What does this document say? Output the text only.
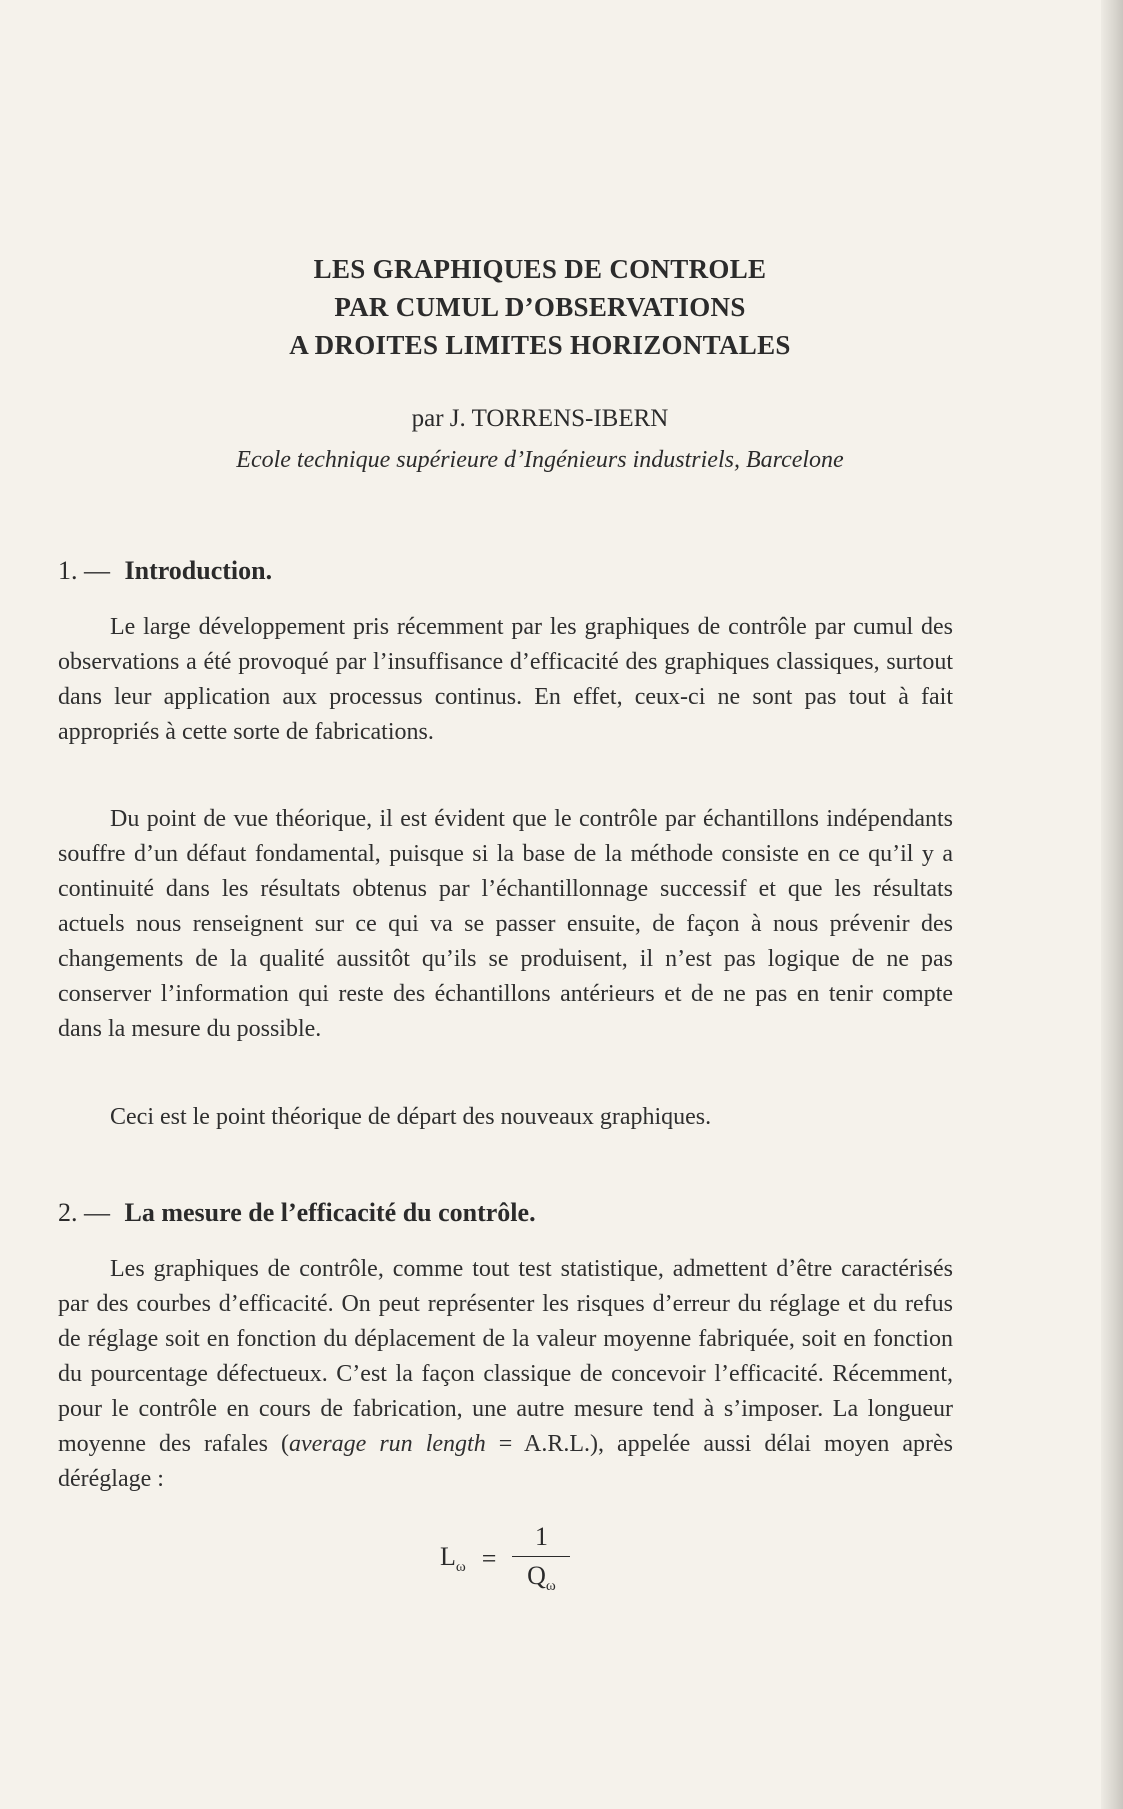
LES GRAPHIQUES DE CONTROLE
PAR CUMUL D’OBSERVATIONS
A DROITES LIMITES HORIZONTALES
par J. TORRENS-IBERN
Ecole technique supérieure d’Ingénieurs industriels, Barcelone
1. — Introduction.
Le large développement pris récemment par les graphiques de contrôle par cumul des observations a été provoqué par l’insuffisance d’efficacité des graphiques classiques, surtout dans leur application aux processus continus. En effet, ceux-ci ne sont pas tout à fait appropriés à cette sorte de fabrications.
Du point de vue théorique, il est évident que le contrôle par échantillons indépendants souffre d’un défaut fondamental, puisque si la base de la méthode consiste en ce qu’il y a continuité dans les résultats obtenus par l’échantillonnage successif et que les résultats actuels nous renseignent sur ce qui va se passer ensuite, de façon à nous prévenir des changements de la qualité aussitôt qu’ils se produisent, il n’est pas logique de ne pas conserver l’information qui reste des échantillons antérieurs et de ne pas en tenir compte dans la mesure du possible.
Ceci est le point théorique de départ des nouveaux graphiques.
2. — La mesure de l’efficacité du contrôle.
Les graphiques de contrôle, comme tout test statistique, admettent d’être caractérisés par des courbes d’efficacité. On peut représenter les risques d’erreur du réglage et du refus de réglage soit en fonction du déplacement de la valeur moyenne fabriquée, soit en fonction du pourcentage défectueux. C’est la façon classique de concevoir l’efficacité. Récemment, pour le contrôle en cours de fabrication, une autre mesure tend à s’imposer. La longueur moyenne des rafales (average run length = A.R.L.), appelée aussi délai moyen après déréglage :
$L_\omega = \frac{1}{Q_\omega}$
